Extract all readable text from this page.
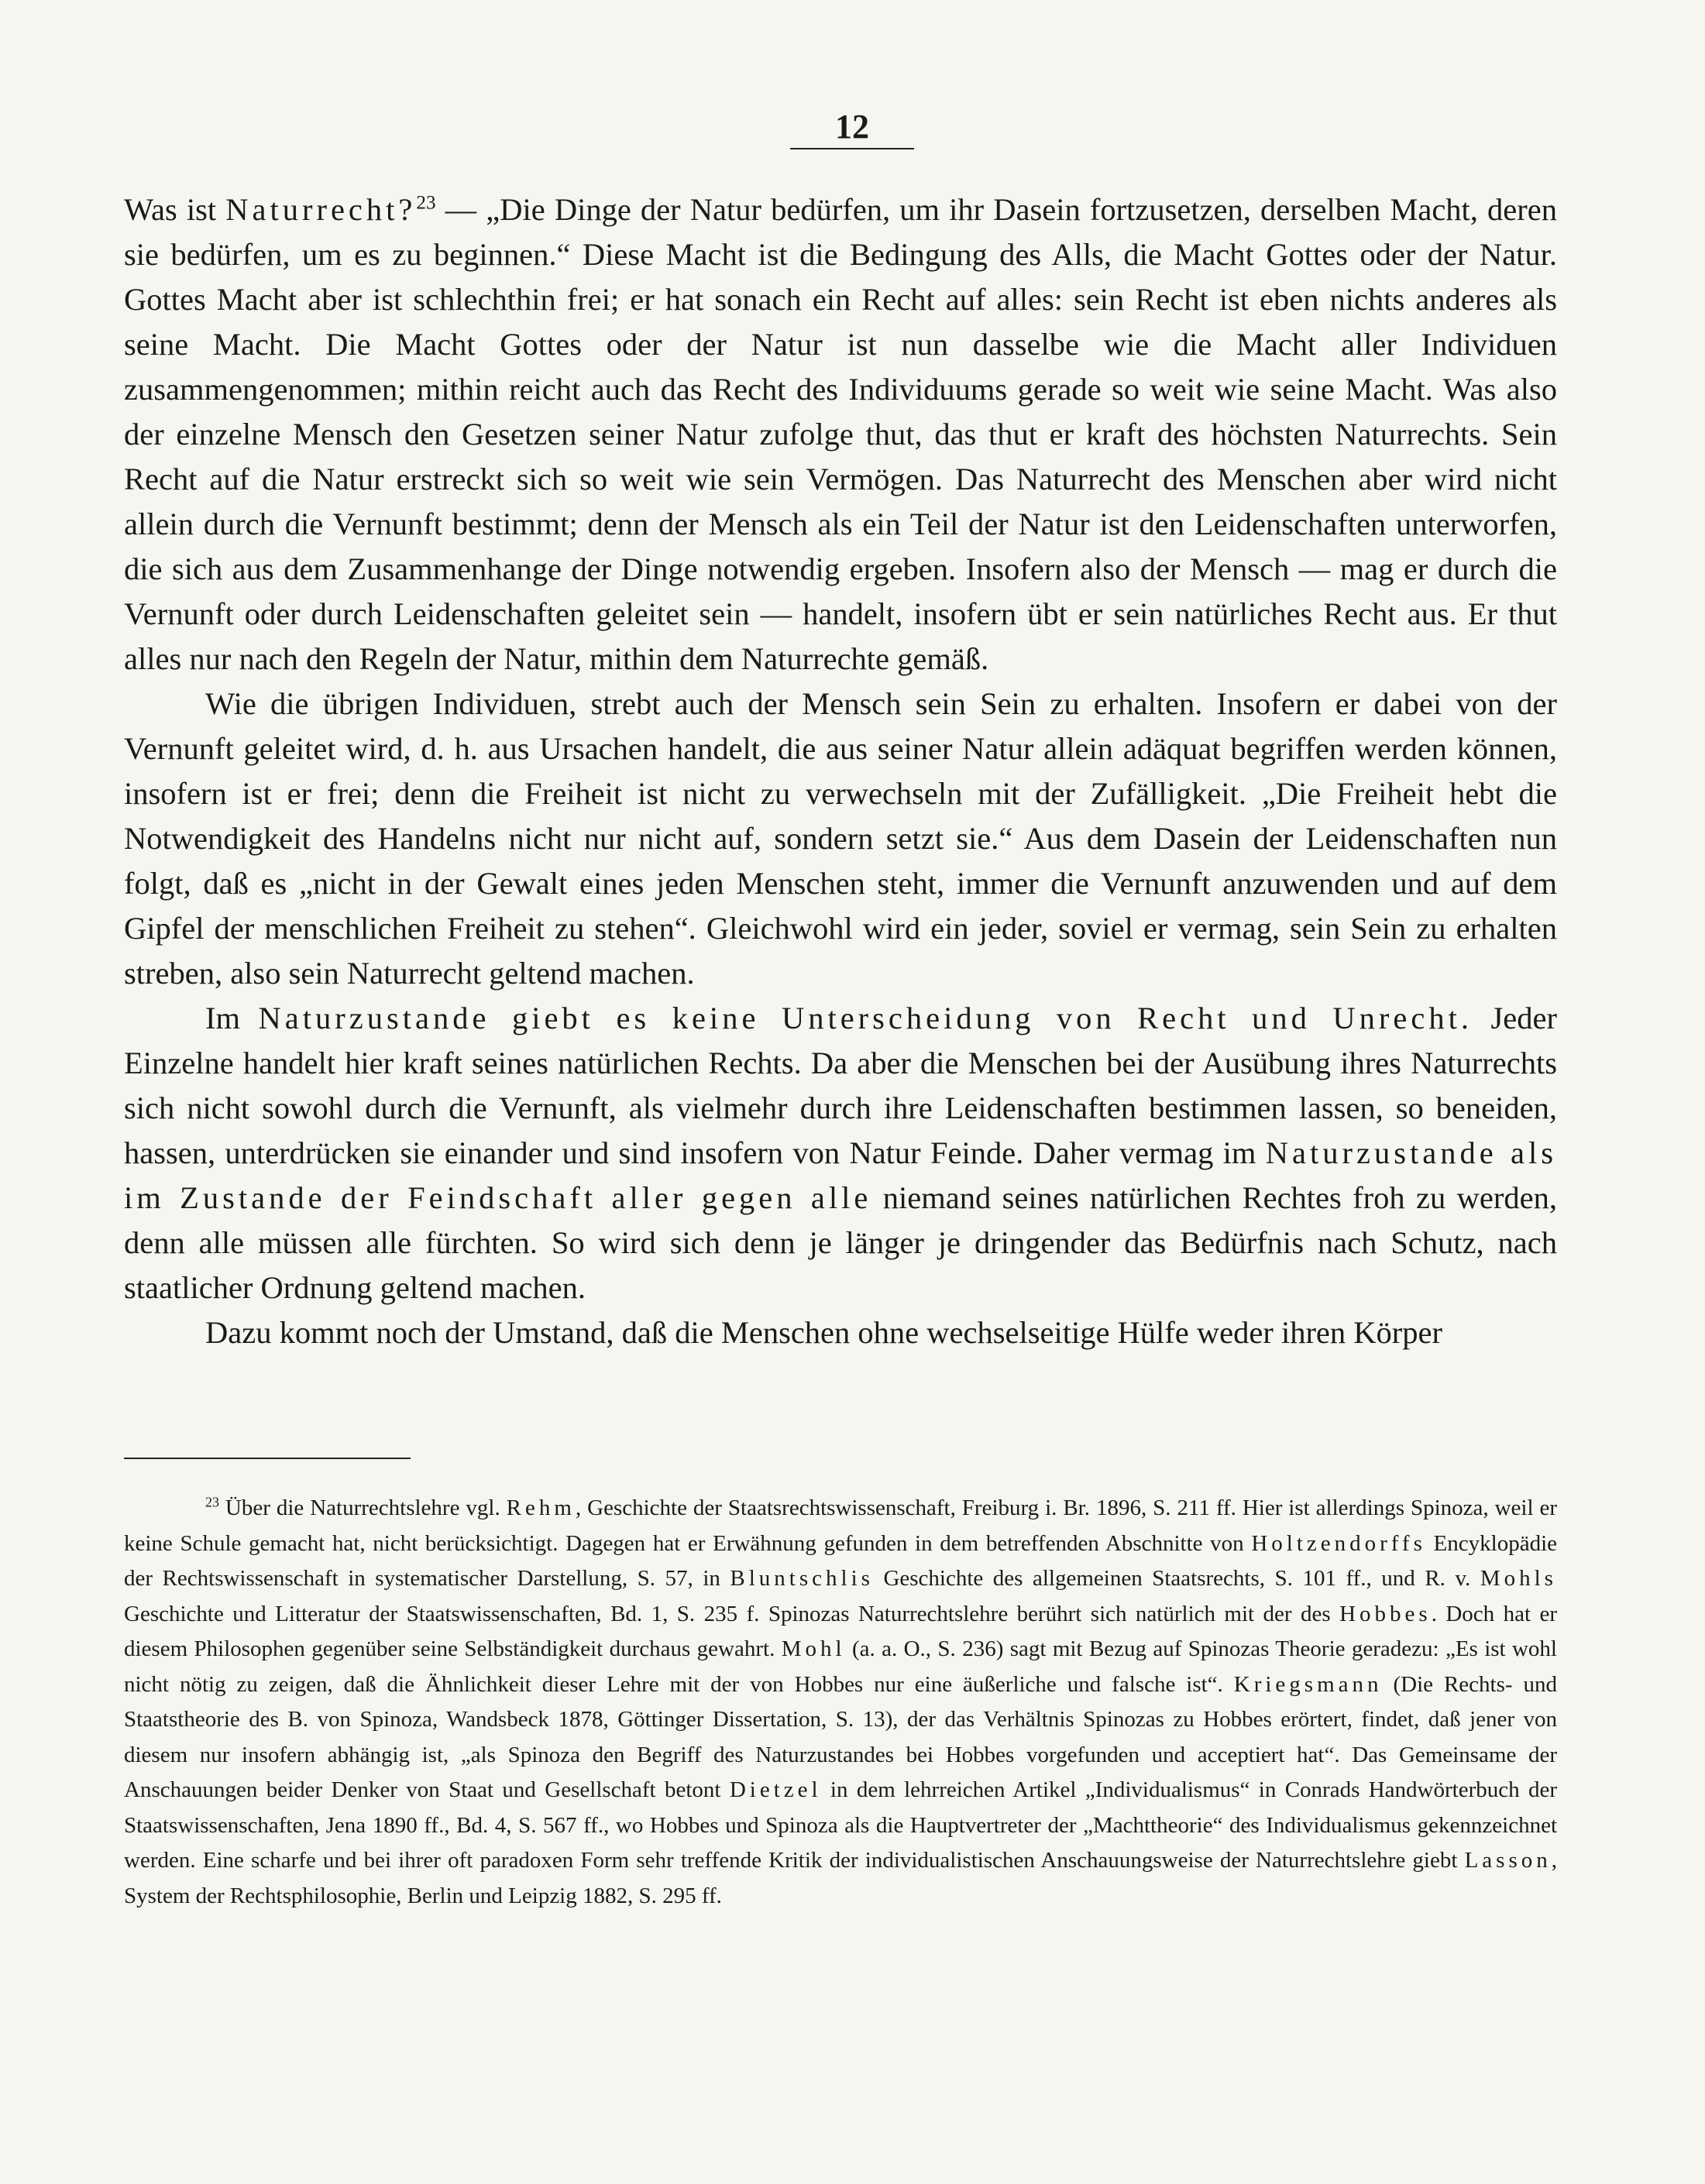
12

Was ist Naturrecht?$^{23}$ — „Die Dinge der Natur bedürfen, um ihr Dasein fortzusetzen, derselben Macht, deren sie bedürfen, um es zu beginnen.“ Diese Macht ist die Bedingung des Alls, die Macht Gottes oder der Natur. Gottes Macht aber ist schlechthin frei; er hat sonach ein Recht auf alles: sein Recht ist eben nichts anderes als seine Macht. Die Macht Gottes oder der Natur ist nun dasselbe wie die Macht aller Individuen zusammengenommen; mithin reicht auch das Recht des Individuums gerade so weit wie seine Macht. Was also der einzelne Mensch den Gesetzen seiner Natur zufolge thut, das thut er kraft des höchsten Naturrechts. Sein Recht auf die Natur erstreckt sich so weit wie sein Vermögen. Das Naturrecht des Menschen aber wird nicht allein durch die Vernunft bestimmt; denn der Mensch als ein Teil der Natur ist den Leidenschaften unterworfen, die sich aus dem Zusammenhange der Dinge notwendig ergeben. Insofern also der Mensch — mag er durch die Vernunft oder durch Leidenschaften geleitet sein — handelt, insofern übt er sein natürliches Recht aus. Er thut alles nur nach den Regeln der Natur, mithin dem Naturrechte gemäß.

Wie die übrigen Individuen, strebt auch der Mensch sein Sein zu erhalten. Insofern er dabei von der Vernunft geleitet wird, d. h. aus Ursachen handelt, die aus seiner Natur allein adäquat begriffen werden können, insofern ist er frei; denn die Freiheit ist nicht zu verwechseln mit der Zufälligkeit. „Die Freiheit hebt die Notwendigkeit des Handelns nicht nur nicht auf, sondern setzt sie.“ Aus dem Dasein der Leidenschaften nun folgt, daß es „nicht in der Gewalt eines jeden Menschen steht, immer die Vernunft anzuwenden und auf dem Gipfel der menschlichen Freiheit zu stehen“. Gleichwohl wird ein jeder, soviel er vermag, sein Sein zu erhalten streben, also sein Naturrecht geltend machen.

Im Naturzustande giebt es keine Unterscheidung von Recht und Unrecht. Jeder Einzelne handelt hier kraft seines natürlichen Rechts. Da aber die Menschen bei der Ausübung ihres Naturrechts sich nicht sowohl durch die Vernunft, als vielmehr durch ihre Leidenschaften bestimmen lassen, so beneiden, hassen, unterdrücken sie einander und sind insofern von Natur Feinde. Daher vermag im Naturzustande als im Zustande der Feindschaft aller gegen alle niemand seines natürlichen Rechtes froh zu werden, denn alle müssen alle fürchten. So wird sich denn je länger je dringender das Bedürfnis nach Schutz, nach staatlicher Ordnung geltend machen.

Dazu kommt noch der Umstand, daß die Menschen ohne wechselseitige Hülfe weder ihren Körper

$^{23}$ Über die Naturrechtslehre vgl. Rehm, Geschichte der Staatsrechtswissenschaft, Freiburg i. Br. 1896, S. 211 ff. Hier ist allerdings Spinoza, weil er keine Schule gemacht hat, nicht berücksichtigt. Dagegen hat er Erwähnung gefunden in dem betreffenden Abschnitte von Holtzendorffs Encyklopädie der Rechtswissenschaft in systematischer Darstellung, S. 57, in Bluntschlis Geschichte des allgemeinen Staatsrechts, S. 101 ff., und R. v. Mohls Geschichte und Litteratur der Staatswissenschaften, Bd. 1, S. 235 f. Spinozas Naturrechtslehre berührt sich natürlich mit der des Hobbes. Doch hat er diesem Philosophen gegenüber seine Selbständigkeit durchaus gewahrt. Mohl (a. a. O., S. 236) sagt mit Bezug auf Spinozas Theorie geradezu: „Es ist wohl nicht nötig zu zeigen, daß die Ähnlichkeit dieser Lehre mit der von Hobbes nur eine äußerliche und falsche ist“. Kriegsmann (Die Rechts- und Staatstheorie des B. von Spinoza, Wandsbeck 1878, Göttinger Dissertation, S. 13), der das Verhältnis Spinozas zu Hobbes erörtert, findet, daß jener von diesem nur insofern abhängig ist, „als Spinoza den Begriff des Naturzustandes bei Hobbes vorgefunden und acceptiert hat“. Das Gemeinsame der Anschauungen beider Denker von Staat und Gesellschaft betont Dietzel in dem lehrreichen Artikel „Individualismus“ in Conrads Handwörterbuch der Staatswissenschaften, Jena 1890 ff., Bd. 4, S. 567 ff., wo Hobbes und Spinoza als die Hauptvertreter der „Machttheorie“ des Individualismus gekennzeichnet werden. Eine scharfe und bei ihrer oft paradoxen Form sehr treffende Kritik der individualistischen Anschauungsweise der Naturrechtslehre giebt Lasson, System der Rechtsphilosophie, Berlin und Leipzig 1882, S. 295 ff.
